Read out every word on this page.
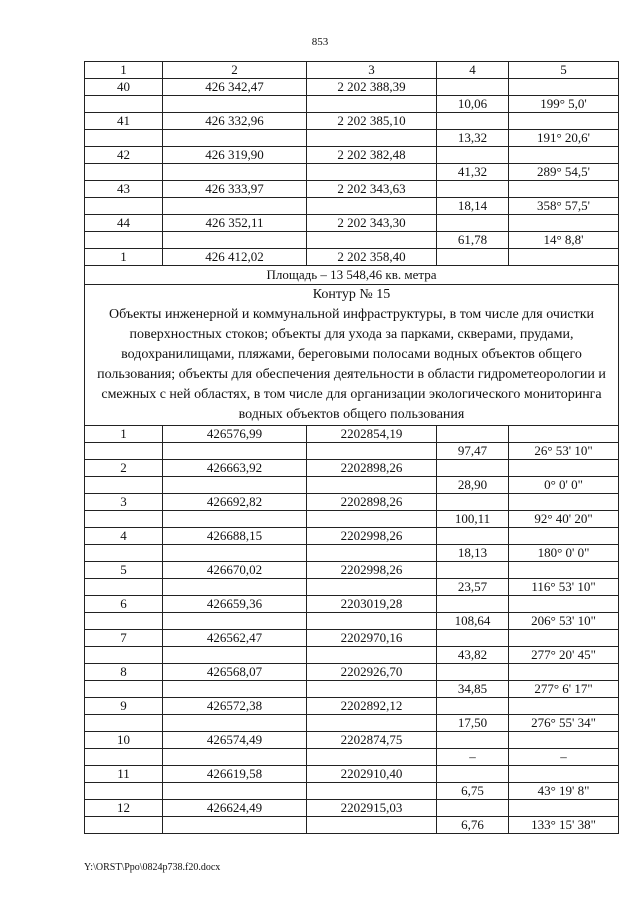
853
1	2	3	4	5
40	426 342,47	2 202 388,39		
			10,06	199° 5,0'
41	426 332,96	2 202 385,10		
			13,32	191° 20,6'
42	426 319,90	2 202 382,48		
			41,32	289° 54,5'
43	426 333,97	2 202 343,63		
			18,14	358° 57,5'
44	426 352,11	2 202 343,30		
			61,78	14° 8,8'
1	426 412,02	2 202 358,40		
Площадь – 13 548,46 кв. метра				

Контур № 15
Объекты инженерной и коммунальной инфраструктуры, в том числе для очистки поверхностных стоков; объекты для ухода за парками, скверами, прудами, водохранилищами, пляжами, береговыми полосами водных объектов общего пользования; объекты для обеспечения деятельности в области гидрометеорологии и смежных с ней областях, в том числе для организации экологического мониторинга водных объектов общего пользования				

1	426576,99	2202854,19		
			97,47	26° 53' 10"
2	426663,92	2202898,26		
			28,90	0° 0' 0"
3	426692,82	2202898,26		
			100,11	92° 40' 20"
4	426688,15	2202998,26		
			18,13	180° 0' 0"
5	426670,02	2202998,26		
			23,57	116° 53' 10"
6	426659,36	2203019,28		
			108,64	206° 53' 10"
7	426562,47	2202970,16		
			43,82	277° 20' 45"
8	426568,07	2202926,70		
			34,85	277° 6' 17"
9	426572,38	2202892,12		
			17,50	276° 55' 34"
10	426574,49	2202874,75		
			–	–
11	426619,58	2202910,40		
			6,75	43° 19' 8"
12	426624,49	2202915,03		
			6,76	133° 15' 38"
Y:\ORST\Ppo\0824p738.f20.docx
